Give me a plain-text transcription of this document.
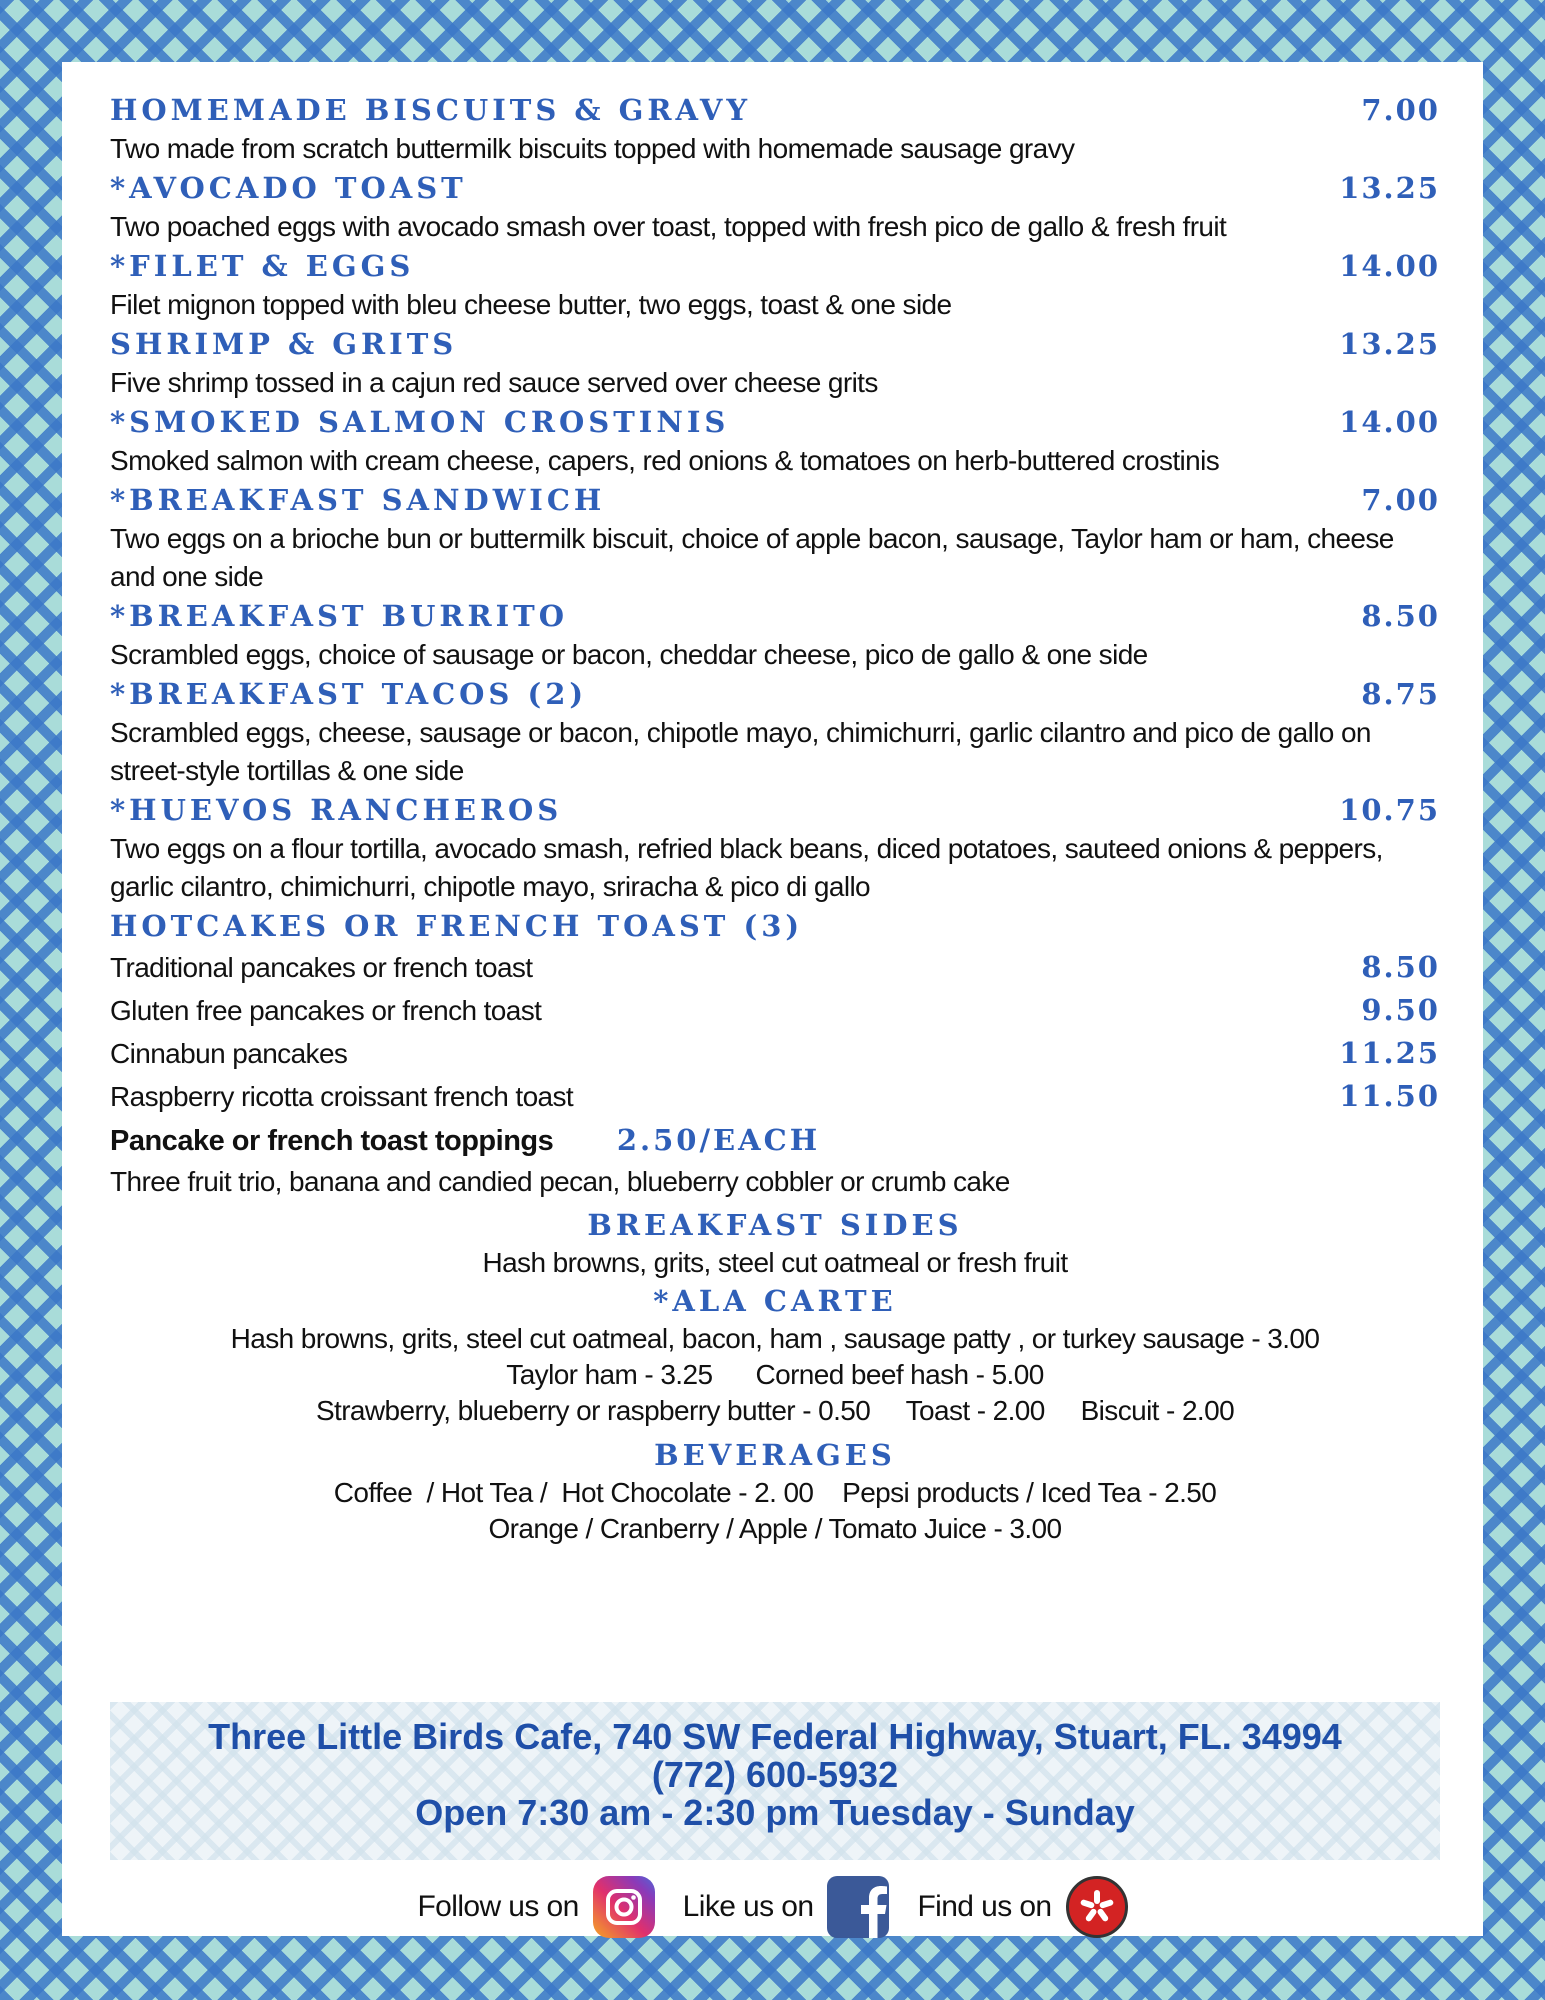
HOMEMADE BISCUITS & GRAVY	7.00
Two made from scratch buttermilk biscuits topped with homemade sausage gravy
*AVOCADO TOAST	13.25
Two poached eggs with avocado smash over toast, topped with fresh pico de gallo & fresh fruit
*FILET & EGGS	14.00
Filet mignon topped with bleu cheese butter, two eggs, toast & one side
SHRIMP & GRITS	13.25
Five shrimp tossed in a cajun red sauce served over cheese grits
*SMOKED SALMON CROSTINIS	14.00
Smoked salmon with cream cheese, capers, red onions & tomatoes on herb-buttered crostinis
*BREAKFAST SANDWICH	7.00
Two eggs on a brioche bun or buttermilk biscuit, choice of apple bacon, sausage, Taylor ham or ham, cheese and one side
*BREAKFAST BURRITO	8.50
Scrambled eggs, choice of sausage or bacon, cheddar cheese, pico de gallo & one side
*BREAKFAST TACOS (2)	8.75
Scrambled eggs, cheese, sausage or bacon, chipotle mayo, chimichurri, garlic cilantro and pico de gallo on street-style tortillas & one side
*HUEVOS RANCHEROS	10.75
Two eggs on a flour tortilla, avocado smash, refried black beans, diced potatoes, sauteed onions & peppers, garlic cilantro, chimichurri, chipotle mayo, sriracha & pico di gallo
HOTCAKES OR FRENCH TOAST (3)
Traditional pancakes or french toast	8.50
Gluten free pancakes or french toast	9.50
Cinnabun pancakes	11.25
Raspberry ricotta croissant french toast	11.50
Pancake or french toast toppings 2.50/EACH
Three fruit trio, banana and candied pecan, blueberry cobbler or crumb cake
BREAKFAST SIDES
Hash browns, grits, steel cut oatmeal or fresh fruit
*ALA CARTE
Hash browns, grits, steel cut oatmeal, bacon, ham , sausage patty , or turkey sausage - 3.00
Taylor ham - 3.25      Corned beef hash - 5.00
Strawberry, blueberry or raspberry butter - 0.50     Toast - 2.00     Biscuit - 2.00
BEVERAGES
Coffee  / Hot Tea /  Hot Chocolate - 2. 00    Pepsi products / Iced Tea - 2.50
Orange / Cranberry / Apple / Tomato Juice - 3.00
Three Little Birds Cafe, 740 SW Federal Highway, Stuart, FL. 34994
(772) 600-5932
Open 7:30 am - 2:30 pm Tuesday - Sunday
Follow us on	Like us on	Find us on
